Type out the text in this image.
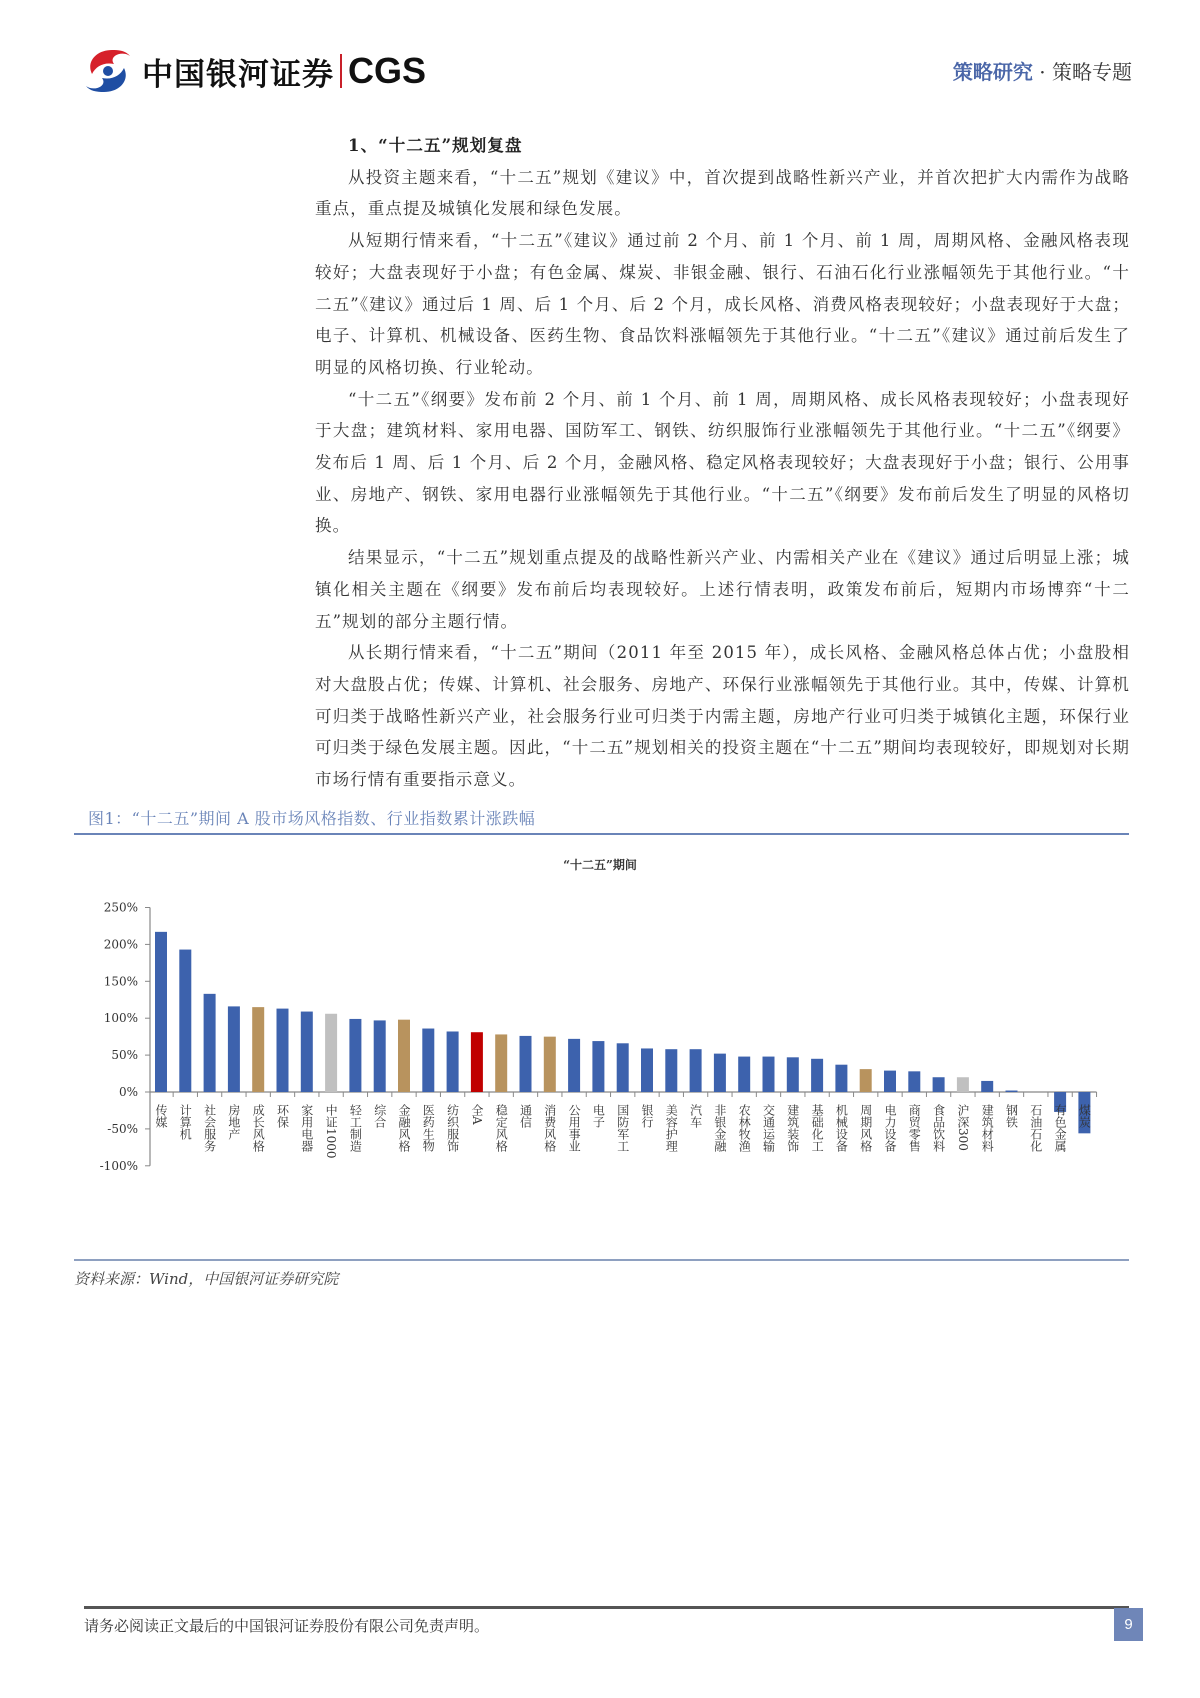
中国银河证券 CGS	策略研究 · 策略专题
1、“十二五”规划复盘

从投资主题来看，“十二五”规划《建议》中，首次提到战略性新兴产业，并首次把扩大内需作为战略重点，重点提及城镇化发展和绿色发展。

从短期行情来看，“十二五”《建议》通过前 2 个月、前 1 个月、前 1 周，周期风格、金融风格表现较好；大盘表现好于小盘；有色金属、煤炭、非银金融、银行、石油石化行业涨幅领先于其他行业。“十二五”《建议》通过后 1 周、后 1 个月、后 2 个月，成长风格、消费风格表现较好；小盘表现好于大盘；电子、计算机、机械设备、医药生物、食品饮料涨幅领先于其他行业。“十二五”《建议》通过前后发生了明显的风格切换、行业轮动。

“十二五”《纲要》发布前 2 个月、前 1 个月、前 1 周，周期风格、成长风格表现较好；小盘表现好于大盘；建筑材料、家用电器、国防军工、钢铁、纺织服饰行业涨幅领先于其他行业。“十二五”《纲要》发布后 1 周、后 1 个月、后 2 个月，金融风格、稳定风格表现较好；大盘表现好于小盘；银行、公用事业、房地产、钢铁、家用电器行业涨幅领先于其他行业。“十二五”《纲要》发布前后发生了明显的风格切换。

结果显示，“十二五”规划重点提及的战略性新兴产业、内需相关产业在《建议》通过后明显上涨；城镇化相关主题在《纲要》发布前后均表现较好。上述行情表明，政策发布前后，短期内市场博弈“十二五”规划的部分主题行情。

从长期行情来看，“十二五”期间（2011 年至 2015 年），成长风格、金融风格总体占优；小盘股相对大盘股占优；传媒、计算机、社会服务、房地产、环保行业涨幅领先于其他行业。其中，传媒、计算机可归类于战略性新兴产业，社会服务行业可归类于内需主题，房地产行业可归类于城镇化主题，环保行业可归类于绿色发展主题。因此，“十二五”规划相关的投资主题在“十二五”期间均表现较好，即规划对长期市场行情有重要指示意义。

图1：“十二五”期间 A 股市场风格指数、行业指数累计涨跌幅
“十二五”期间
250%
200%
150%
100%
50%
0%
-50%
-100%
传媒 计算机 社会服务 房地产 成长风格 环保 家用电器 中证1000 轻工制造 综合 金融风格 医药生物 纺织服饰 全A 稳定风格 通信 消费风格 公用事业 电子 国防军工 银行 美容护理 汽车 非银金融 农林牧渔 交通运输 建筑装饰 基础化工 机械设备 周期风格 电力设备 商贸零售 食品饮料 沪深300 建筑材料 钢铁 石油石化 有色金属 煤炭
资料来源：Wind，中国银河证券研究院
请务必阅读正文最后的中国银河证券股份有限公司免责声明。	9
